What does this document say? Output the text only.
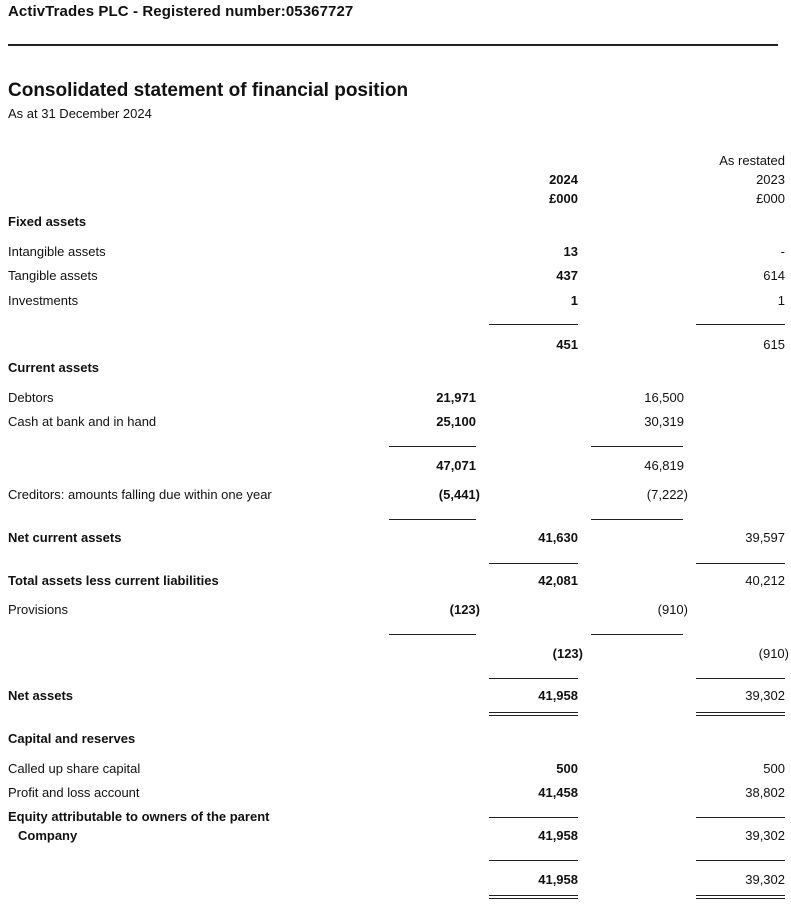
ActivTrades PLC - Registered number:05367727
Consolidated statement of financial position
As at 31 December 2024
As restated
2024	2023
£000	£000
Fixed assets
Intangible assets	13	-
Tangible assets	437	614
Investments	1	1
451	615
Current assets
Debtors	21,971	16,500
Cash at bank and in hand	25,100	30,319
47,071	46,819
Creditors: amounts falling due within one year	(5,441)	(7,222)
Net current assets	41,630	39,597
Total assets less current liabilities	42,081	40,212
Provisions	(123)	(910)
(123)	(910)
Net assets	41,958	39,302
Capital and reserves
Called up share capital	500	500
Profit and loss account	41,458	38,802
Equity attributable to owners of the parent
Company	41,958	39,302
41,958	39,302
